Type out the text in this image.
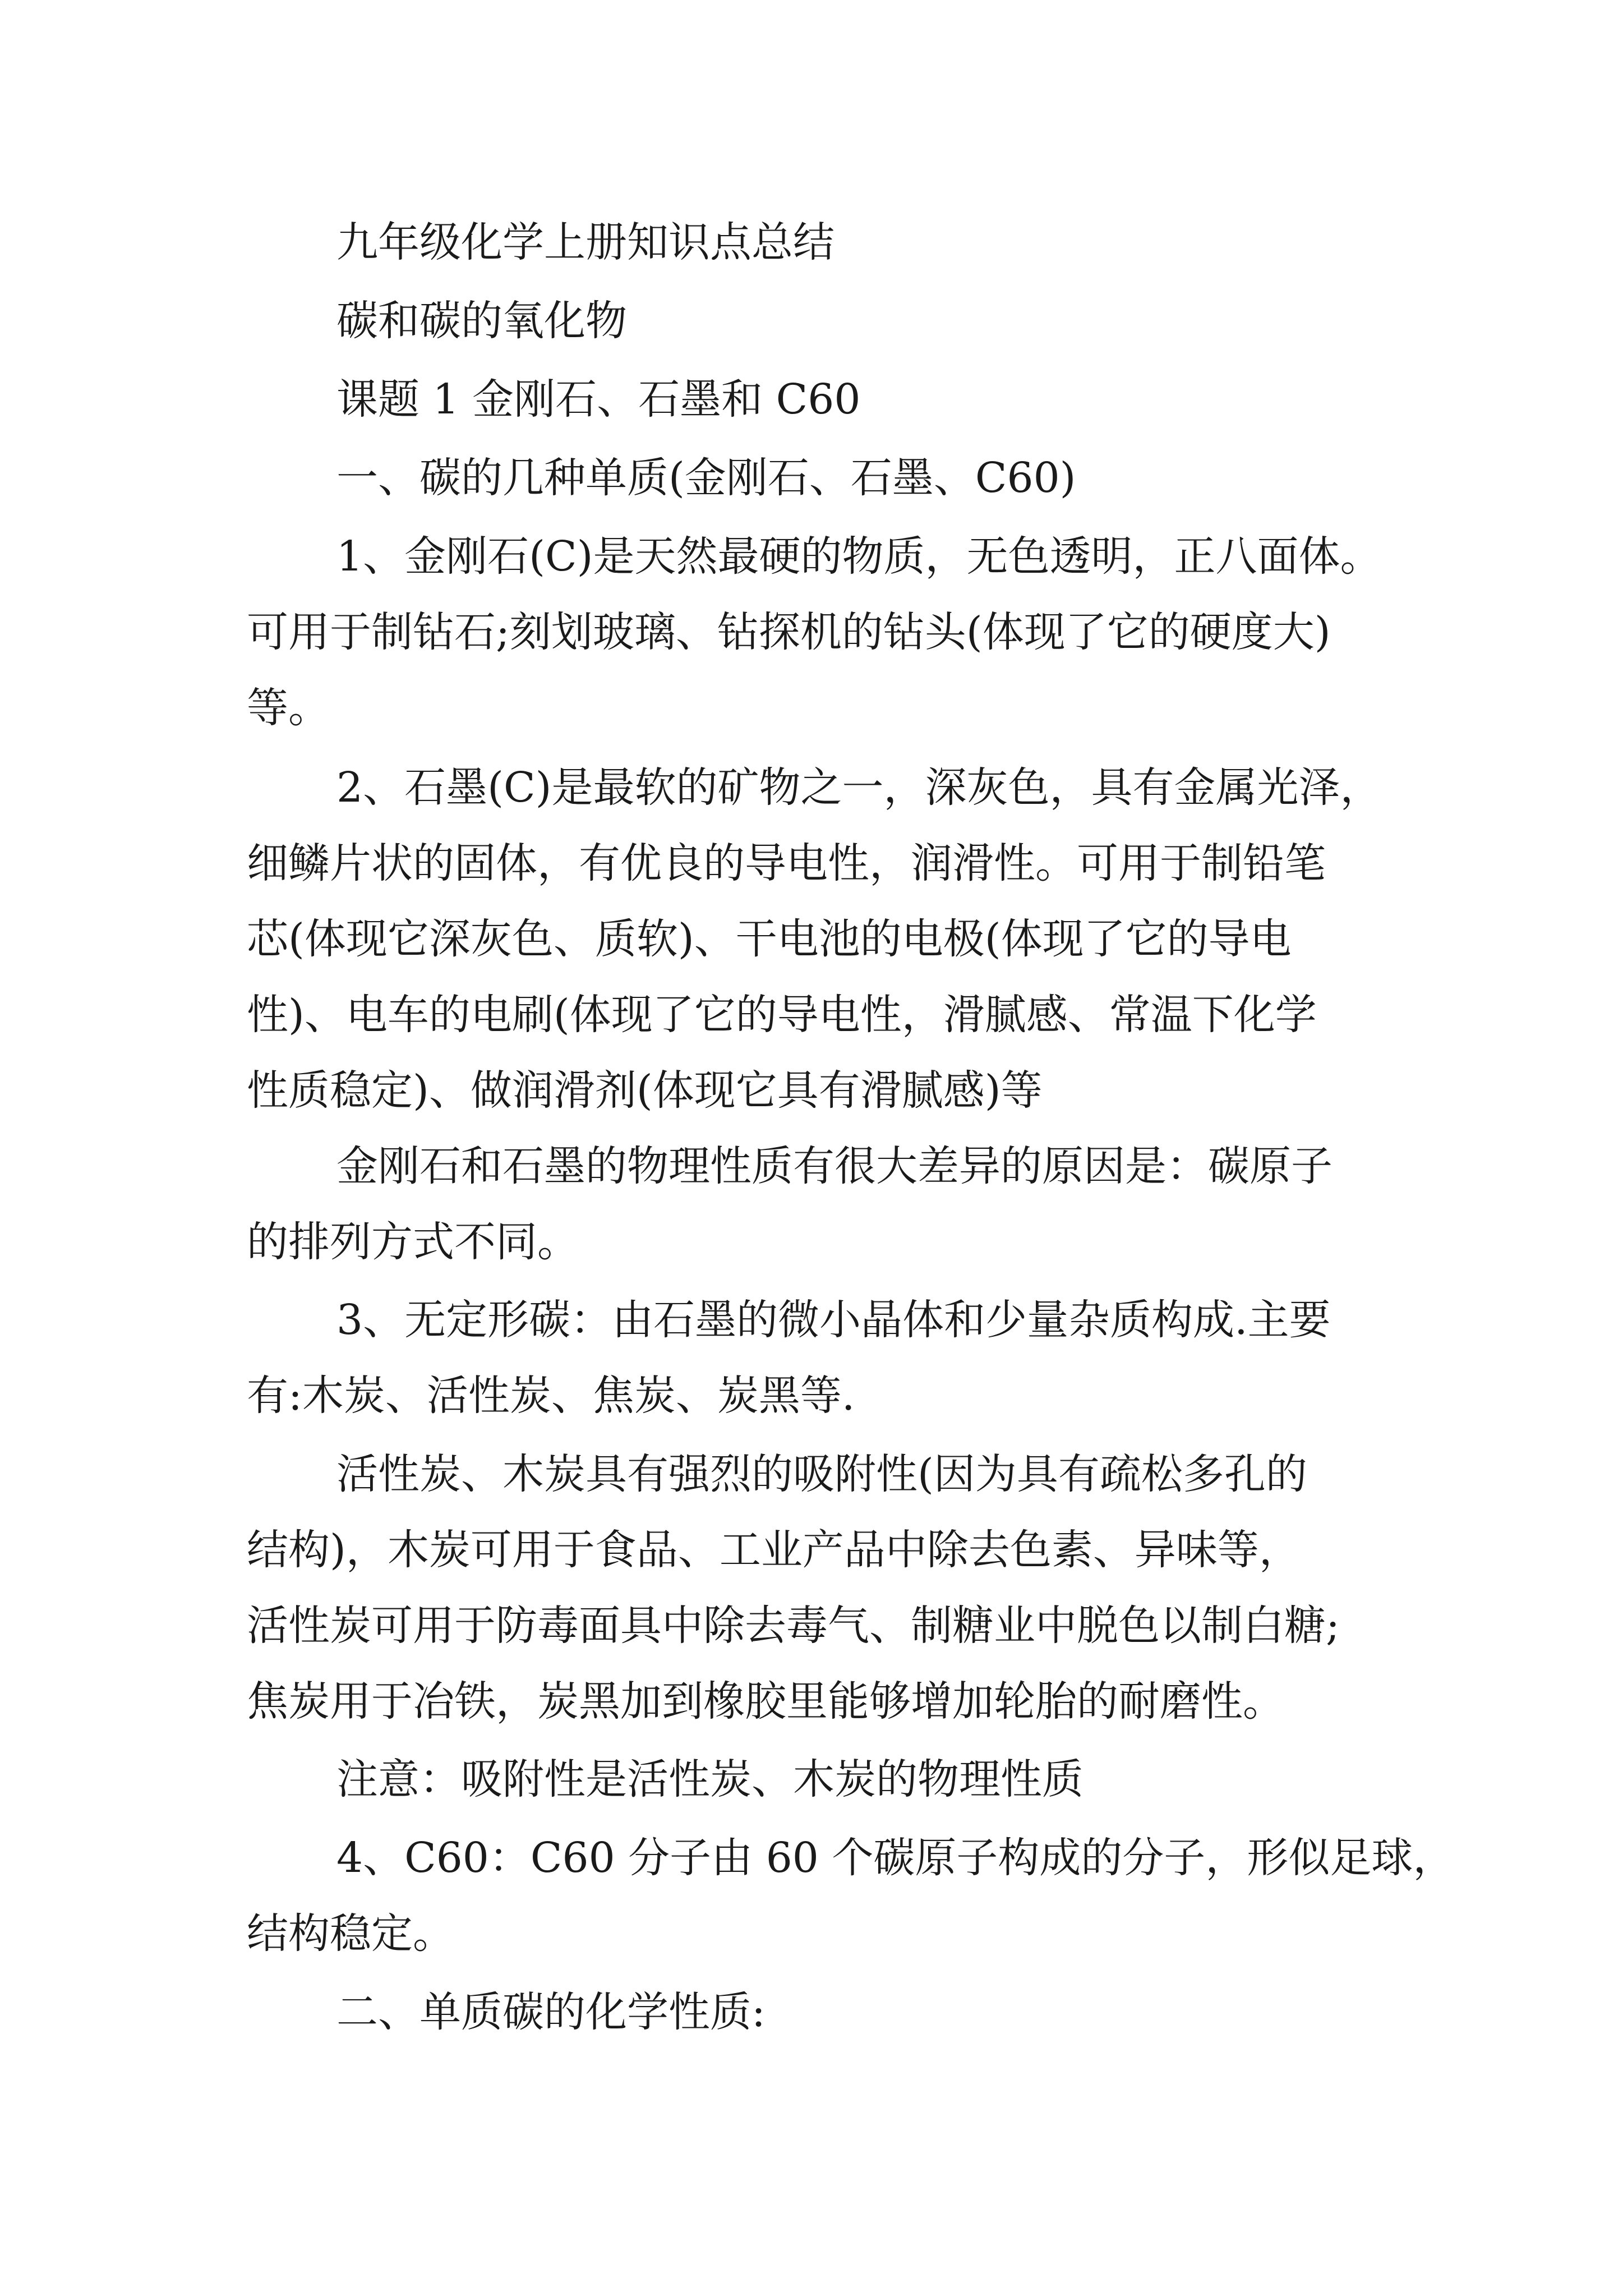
九年级化学上册知识点总结
碳和碳的氧化物
课题 1 金刚石、石墨和 C60
一、碳的几种单质(金刚石、石墨、C60)
1、金刚石(C)是天然最硬的物质，无色透明，正八面体。
可用于制钻石;刻划玻璃、钻探机的钻头(体现了它的硬度大)
等。
2、石墨(C)是最软的矿物之一，深灰色，具有金属光泽，
细鳞片状的固体，有优良的导电性，润滑性。可用于制铅笔
芯(体现它深灰色、质软)、干电池的电极(体现了它的导电
性)、电车的电刷(体现了它的导电性，滑腻感、常温下化学
性质稳定)、做润滑剂(体现它具有滑腻感)等
金刚石和石墨的物理性质有很大差异的原因是：碳原子
的排列方式不同。
3、无定形碳：由石墨的微小晶体和少量杂质构成.主要
有:木炭、活性炭、焦炭、炭黑等.
活性炭、木炭具有强烈的吸附性(因为具有疏松多孔的
结构)，木炭可用于食品、工业产品中除去色素、异味等，
活性炭可用于防毒面具中除去毒气、制糖业中脱色以制白糖;
焦炭用于冶铁，炭黑加到橡胶里能够增加轮胎的耐磨性。
注意：吸附性是活性炭、木炭的物理性质
4、C60：C60 分子由 60 个碳原子构成的分子，形似足球，
结构稳定。
二、单质碳的化学性质:
